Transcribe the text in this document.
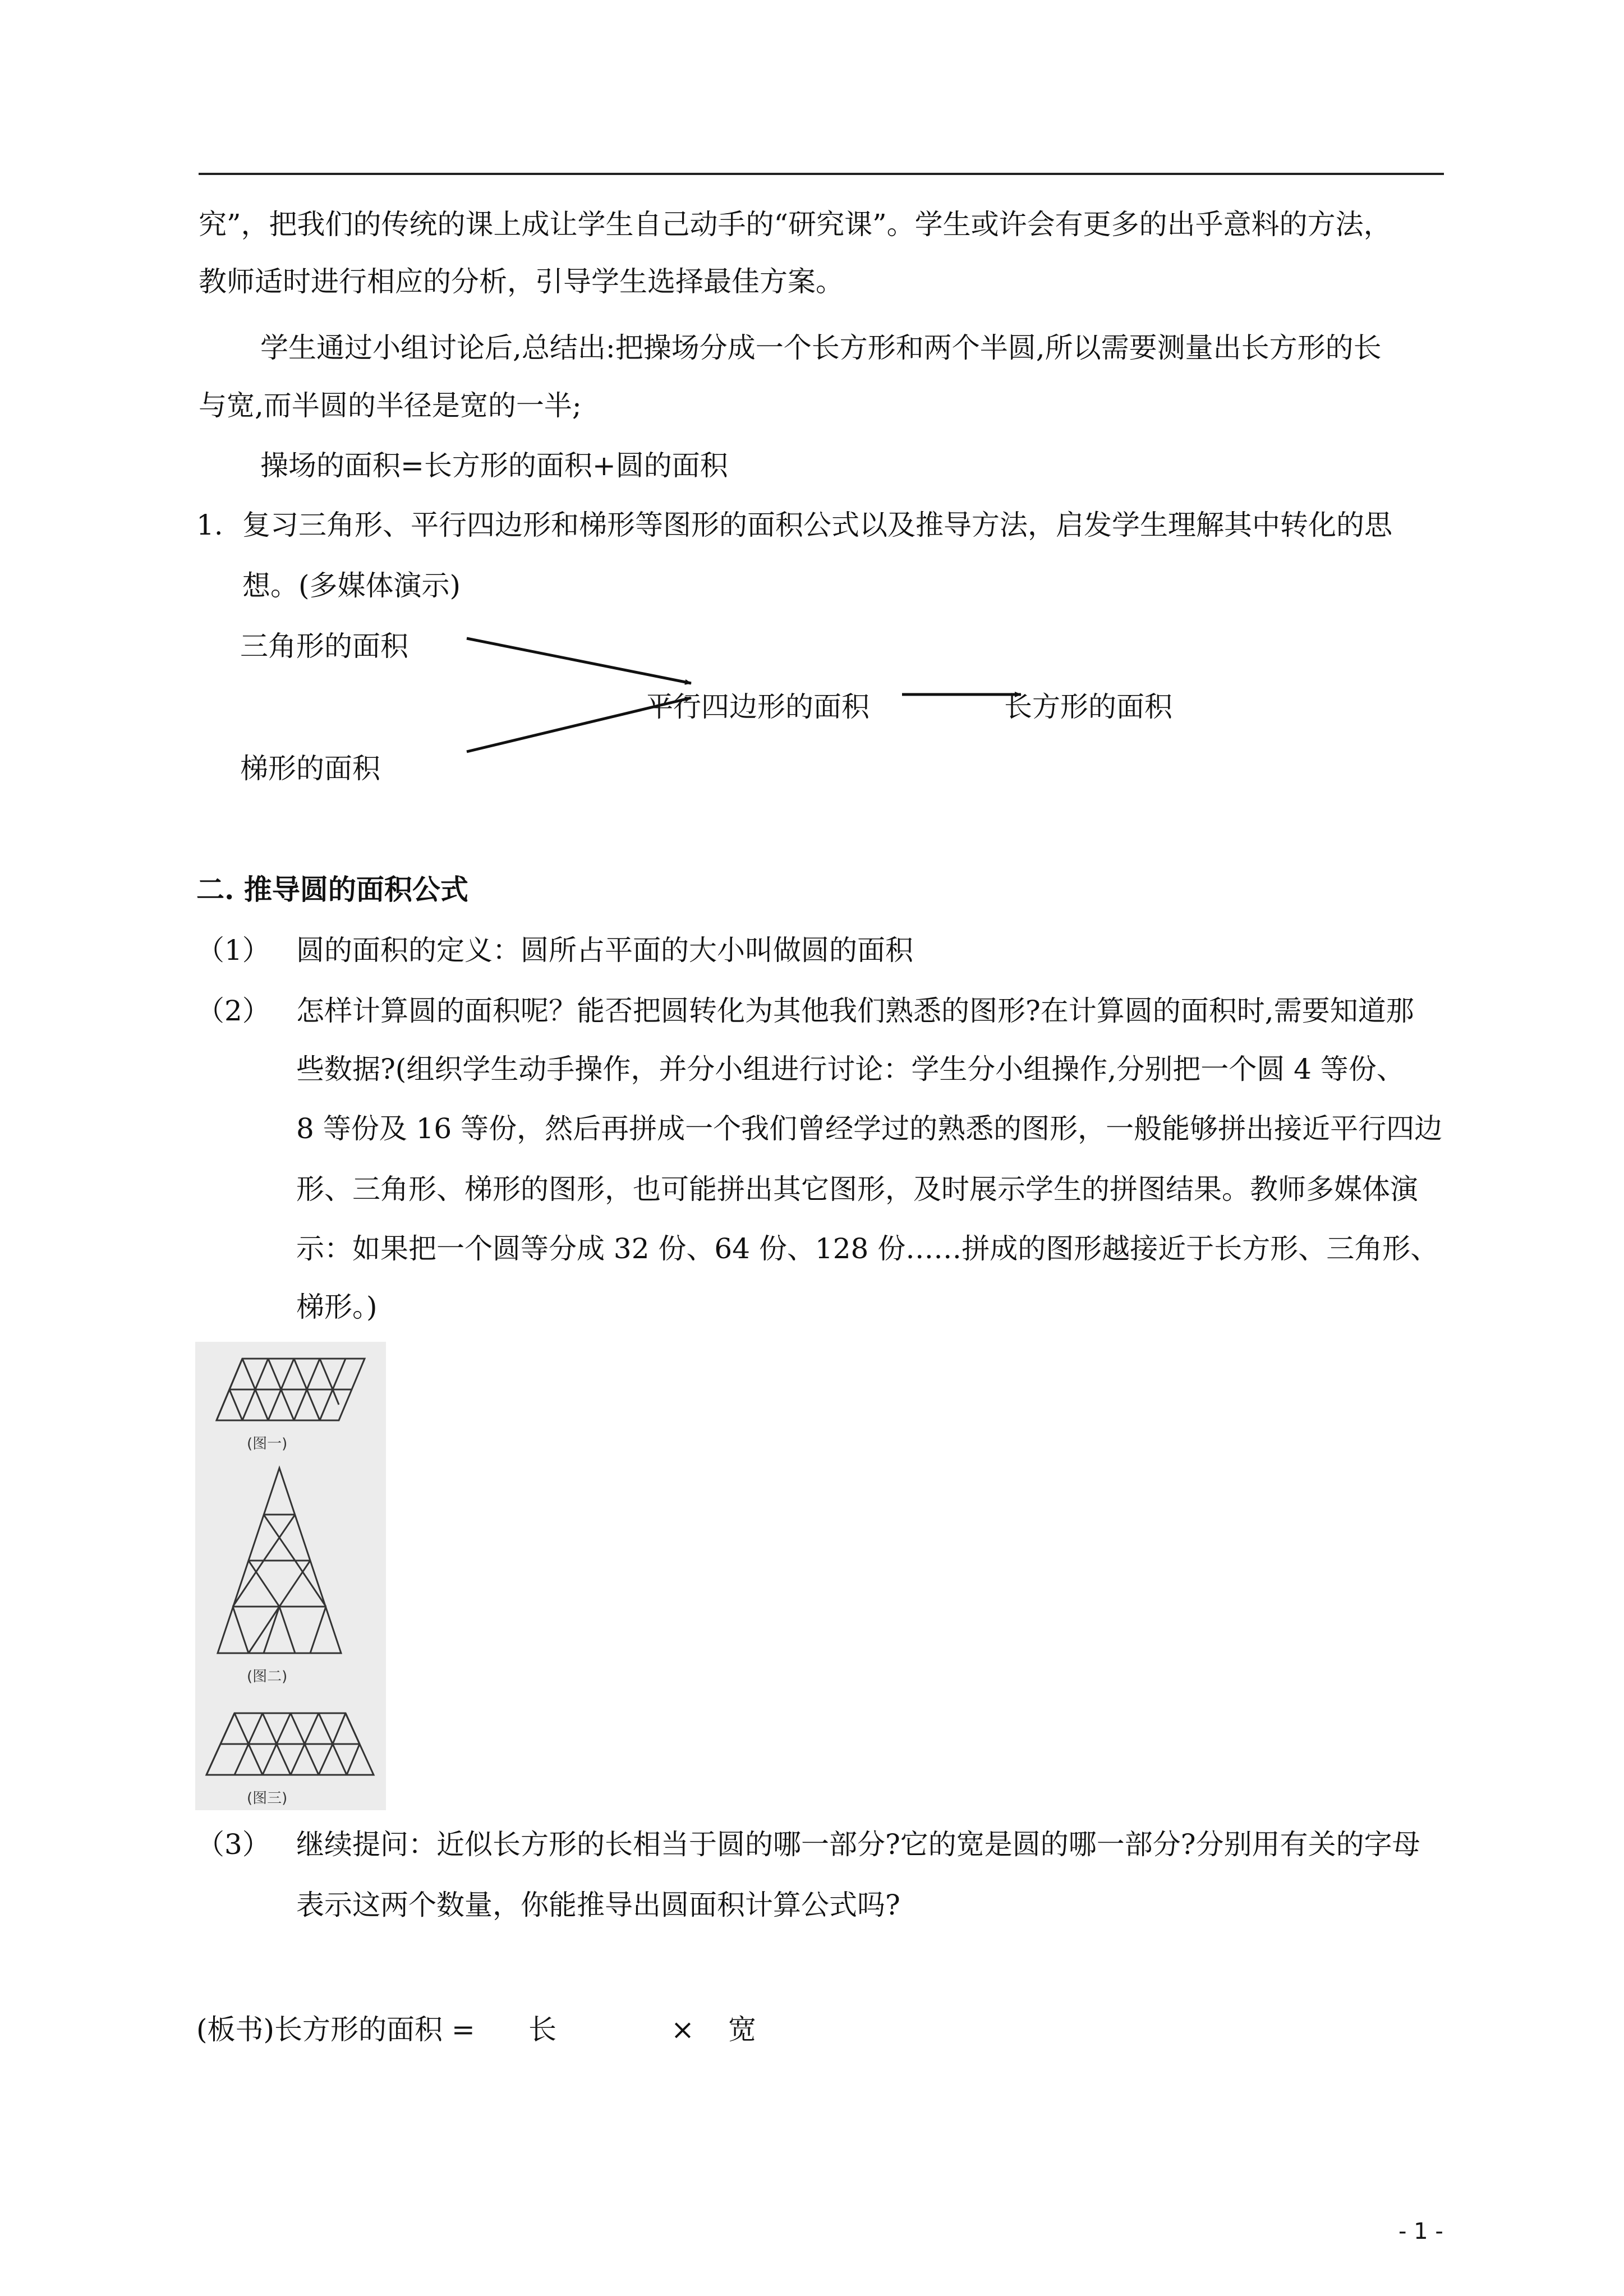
究”，把我们的传统的课上成让学生自己动手的“研究课”。学生或许会有更多的出乎意料的方法，
教师适时进行相应的分析，引导学生选择最佳方案。
学生通过小组讨论后,总结出:把操场分成一个长方形和两个半圆,所以需要测量出长方形的长
与宽,而半圆的半径是宽的一半;
操场的面积=长方形的面积+圆的面积
1. 复习三角形、平行四边形和梯形等图形的面积公式以及推导方法，启发学生理解其中转化的思
想。(多媒体演示)
三角形的面积
平行四边形的面积	长方形的面积
梯形的面积
二. 推导圆的面积公式
（1） 圆的面积的定义：圆所占平面的大小叫做圆的面积
（2） 怎样计算圆的面积呢？能否把圆转化为其他我们熟悉的图形?在计算圆的面积时,需要知道那
些数据?(组织学生动手操作，并分小组进行讨论：学生分小组操作,分别把一个圆 4 等份、
8 等份及 16 等份，然后再拼成一个我们曾经学过的熟悉的图形，一般能够拼出接近平行四边
形、三角形、梯形的图形，也可能拼出其它图形，及时展示学生的拼图结果。教师多媒体演
示：如果把一个圆等分成 32 份、64 份、128 份……拼成的图形越接近于长方形、三角形、
梯形。)
(图一)
(图二)
(图三)
（3） 继续提问：近似长方形的长相当于圆的哪一部分?它的宽是圆的哪一部分?分别用有关的字母
表示这两个数量，你能推导出圆面积计算公式吗?
(板书)长方形的面积 = 长	× 宽
- 1 -
